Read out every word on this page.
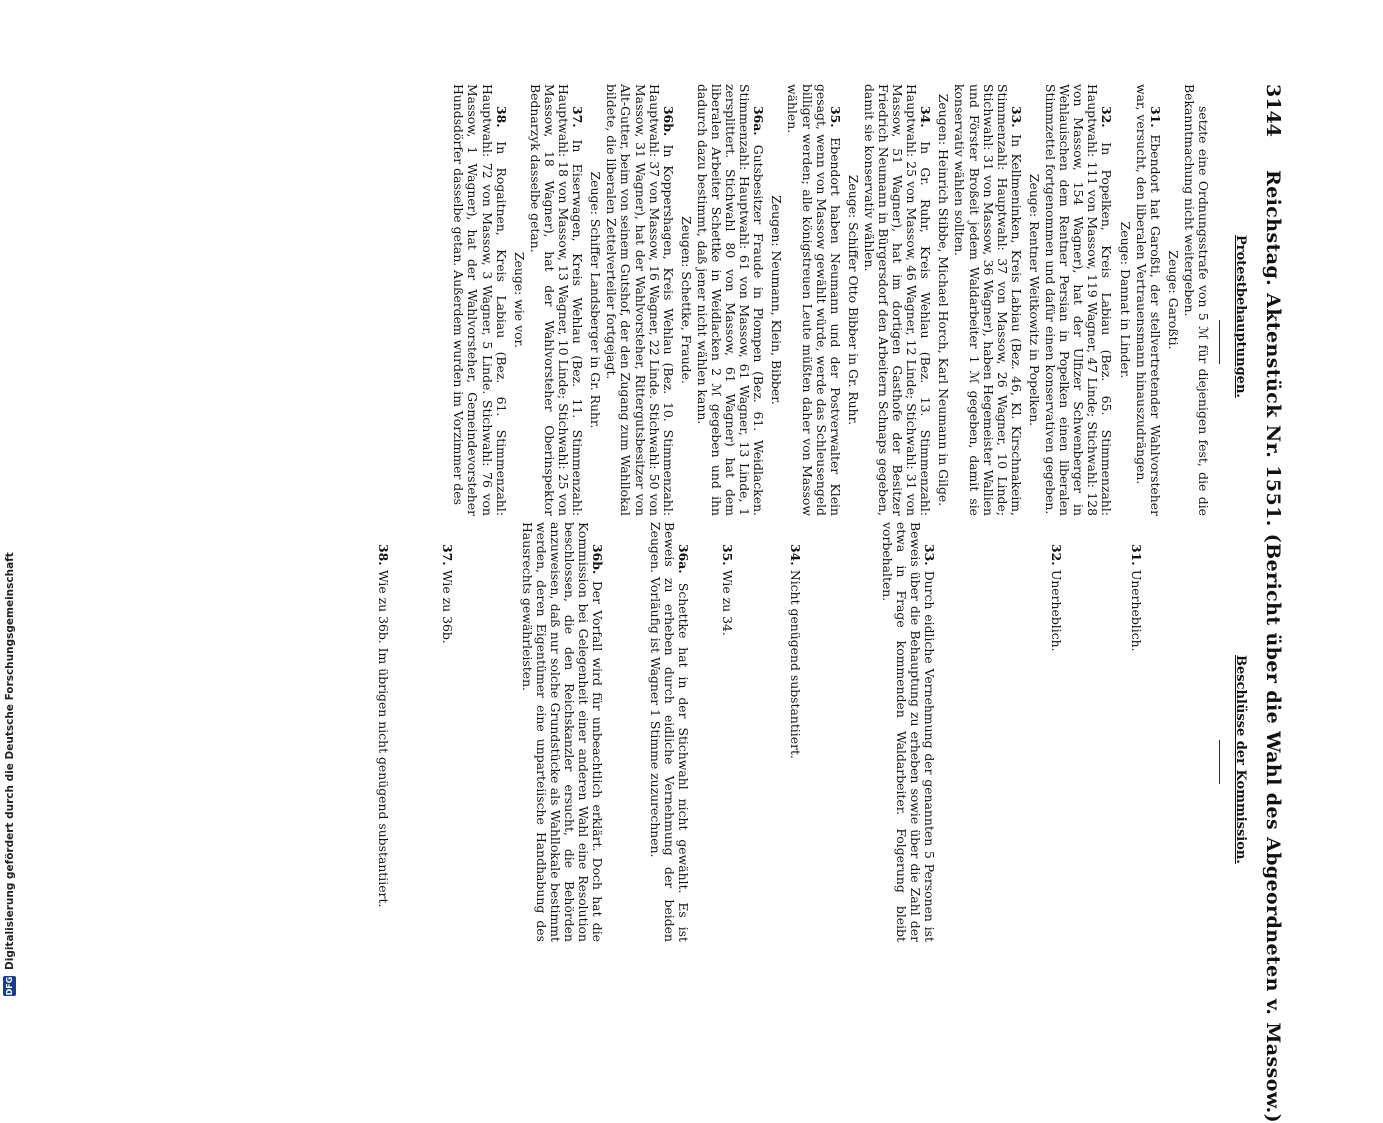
3144
Reichstag. Aktenstück Nr. 1551. (Bericht über die Wahl des Abgeordneten v. Massow.)
Protestbehauptungen.
Beschlüsse der Kommission.

setzte eine Ordnungsstrafe von 5 ℳ für diejenigen fest, die die Bekanntmachung nicht weitergeben.

Zeuge: Garoßti.

31. Ebendort hat Garoßti, der stellvertretender Wahlvorsteher war, versucht, den liberalen Vertrauensmann hinauszudrängen.

Zeuge: Dannat in Linder.

32. In Popelken, Kreis Labiau (Bez. 65. Stimmenzahl: Hauptwahl: 111 von Massow, 119 Wagner, 47 Linde; Stichwahl: 128 von Massow, 154 Wagner), hat der Ulfizer Schwenberger in Wehlauischen dem Rentner Persian in Popelken einen liberalen Stimmzettel fortgenommen und dafür einen konservativen gegeben.

Zeuge: Rentner Weitkowitz in Popelken.

33. In Kellmeninken, Kreis Labiau (Bez. 46, Kl. Kirschnakeim, Stimmenzahl: Hauptwahl: 37 von Massow, 26 Wagner, 10 Linde; Stichwahl: 31 von Massow, 36 Wagner), haben Hegemeister Wallien und Förster Broßeit jedem Waldarbeiter 1 ℳ gegeben, damit sie konservativ wählen sollten.

Zeugen: Heinrich Stibbe, Michael Horch, Karl Neumann in Gilge.

34. In Gr. Ruhr, Kreis Wehlau (Bez. 13. Stimmenzahl: Hauptwahl: 25 von Massow, 46 Wagner, 12 Linde; Stichwahl: 31 von Massow, 51 Wagner), hat im dortigen Gasthofe der Besitzer Friedrich Neumann in Bürgersdorf den Arbeitern Schnaps gegeben, damit sie konservativ wählen.

Zeuge: Schiffer Otto Bibber in Gr. Ruhr.

35. Ebendort haben Neumann und der Postverwalter Klein gesagt, wenn von Massow gewählt würde, werde das Schleusengeld billiger werden; alle königstreuen Leute müßten daher von Massow wählen.

Zeugen: Neumann, Klein, Bibber.

36a. Gutsbesitzer Fraude in Plompen (Bez. 61. Weidlacken. Stimmenzahl: Hauptwahl: 61 von Massow, 61 Wagner, 13 Linde, 1 zersplittert. Stichwahl 80 von Massow, 61 Wagner) hat dem liberalen Arbeiter Schettke in Weidlacken 2 ℳ gegeben und ihn dadurch dazu bestimmt, daß jener nicht wählen kann.

Zeugen: Schettke, Fraude.

36b. In Koppershagen, Kreis Wehlau (Bez. 10. Stimmenzahl: Hauptwahl: 37 von Massow, 16 Wagner, 22 Linde. Stichwahl: 50 von Massow, 31 Wagner), hat der Wahlvorsteher, Rittergutsbesitzer von Alt-Gutter, beim von seinem Gutshof, der den Zugang zum Wahllokal bildete, die liberalen Zettelverteiler fortgejagt.

Zeuge: Schiffer Landsberger in Gr. Ruhr.

37. In Eiserwagen, Kreis Wehlau (Bez. 11. Stimmenzahl: Hauptwahl: 18 von Massow, 13 Wagner, 10 Linde; Stichwahl: 25 von Massow, 18 Wagner), hat der Wahlvorsteher Oberinspektor Bednarzyk dasselbe getan.

Zeuge: wie vor.

38. In Rogaitnen, Kreis Labiau (Bez. 61. Stimmenzahl: Hauptwahl: 72 von Massow, 3 Wagner, 5 Linde. Stichwahl: 76 von Massow, 1 Wagner), hat der Wahlvorsteher, Gemeindevorsteher Hundsdörfer dasselbe getan. Außerdem wurden im Vorzimmer des

31. Unerheblich.

32. Unerheblich.

33. Durch eidliche Vernehmung der genannten 5 Personen ist Beweis über die Behauptung zu erheben sowie über die Zahl der etwa in Frage kommenden Waldarbeiter. Folgerung bleibt vorbehalten.

34. Nicht genügend substantiiert.

35. Wie zu 34.

36a. Schettke hat in der Stichwahl nicht gewählt. Es ist Beweis zu erheben durch eidliche Vernehmung der beiden Zeugen. Vorläufig ist Wagner 1 Stimme zuzurechnen.

36b. Der Vorfall wird für unbeachtlich erklärt. Doch hat die Kommission bei Gelegenheit einer anderen Wahl eine Resolution beschlossen, die den Reichskanzler ersucht, die Behörden anzuweisen, daß nur solche Grundstücke als Wahllokale bestimmt werden, deren Eigentümer eine unparteiische Handhabung des Hausrechts gewährleisten.

37. Wie zu 36b.

38. Wie zu 36b. Im übrigen nicht genügend substantiiert.

DFG
Digitalisierung gefördert durch die Deutsche Forschungsgemeinschaft
